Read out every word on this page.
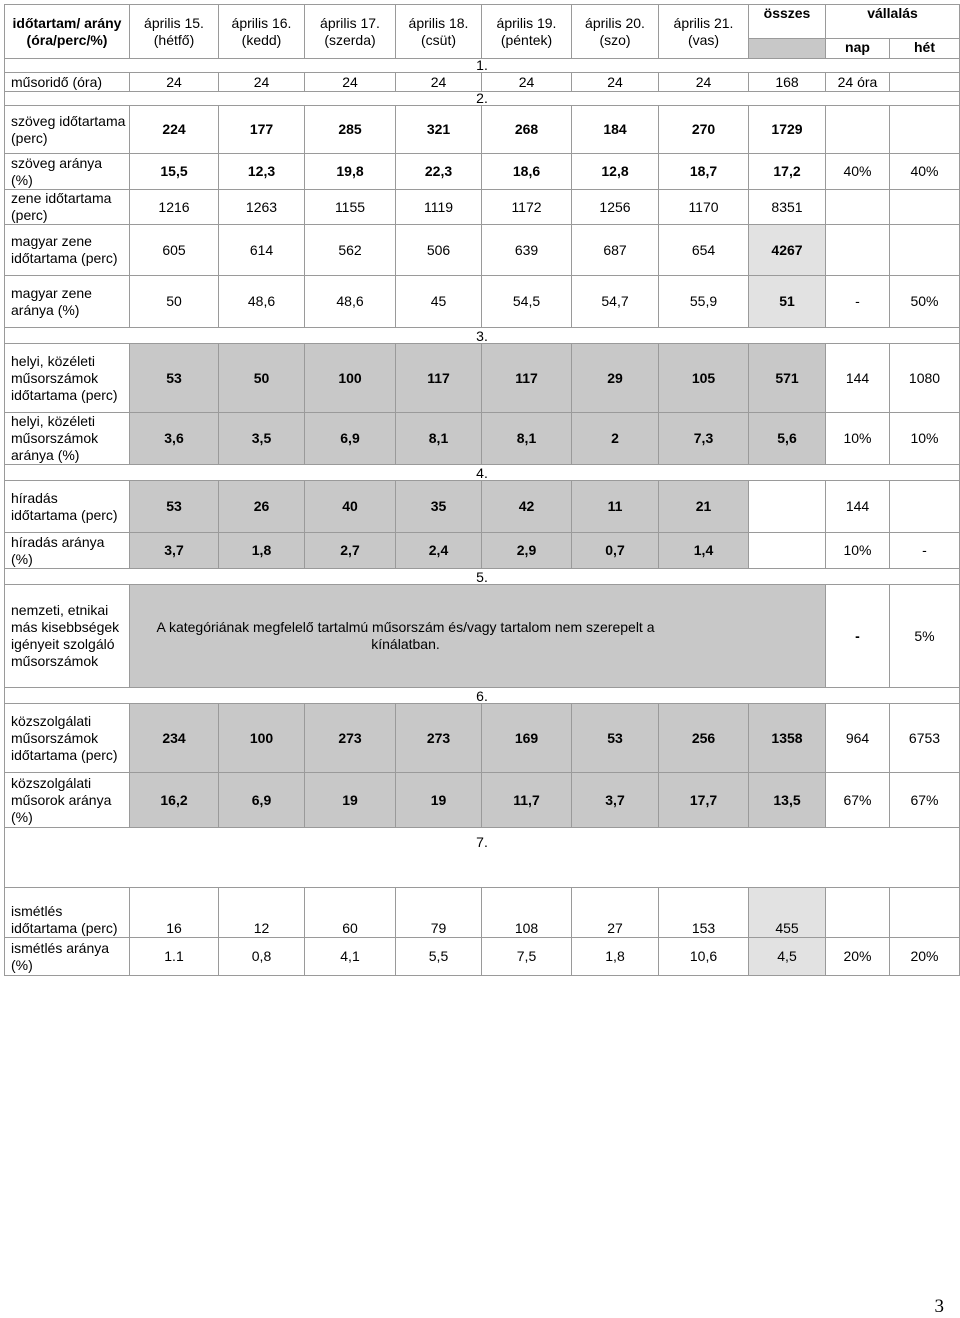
időtartam/ arány (óra/perc/%)	április 15. (hétfő)	április 16. (kedd)	április 17. (szerda)	április 18. (csüt)	április 19. (péntek)	április 20. (szo)	április 21. (vas)	összes	vállalás	
									nap	hét
1.										
műsoridő (óra)	24	24	24	24	24	24	24	168	24 óra	
2.										
szöveg időtartama (perc)	224	177	285	321	268	184	270	1729		
szöveg aránya (%)	15,5	12,3	19,8	22,3	18,6	12,8	18,7	17,2	40%	40%
zene időtartama (perc)	1216	1263	1155	1119	1172	1256	1170	8351		
magyar zene időtartama (perc)	605	614	562	506	639	687	654	4267		
magyar zene aránya (%)	50	48,6	48,6	45	54,5	54,7	55,9	51	-	50%
3.										
helyi, közéleti műsorszámok időtartama (perc)	53	50	100	117	117	29	105	571	144	1080
helyi, közéleti műsorszámok aránya (%)	3,6	3,5	6,9	8,1	8,1	2	7,3	5,6	10%	10%
4.										
híradás időtartama (perc)	53	26	40	35	42	11	21		144	
híradás aránya (%)	3,7	1,8	2,7	2,4	2,9	0,7	1,4		10%	-
5.										
nemzeti, etnikai más kisebbségek igényeit szolgáló műsorszámok	A kategóriának megfelelő tartalmú műsorszám és/vagy tartalom nem szerepelt a kínálatban.								-	5%
6.										
közszolgálati műsorszámok időtartama (perc)	234	100	273	273	169	53	256	1358	964	6753
közszolgálati műsorok aránya (%)	16,2	6,9	19	19	11,7	3,7	17,7	13,5	67%	67%
7.										
ismétlés időtartama (perc)	16	12	60	79	108	27	153	455		
ismétlés aránya (%)	1.1	0,8	4,1	5,5	7,5	1,8	10,6	4,5	20%	20%
3
